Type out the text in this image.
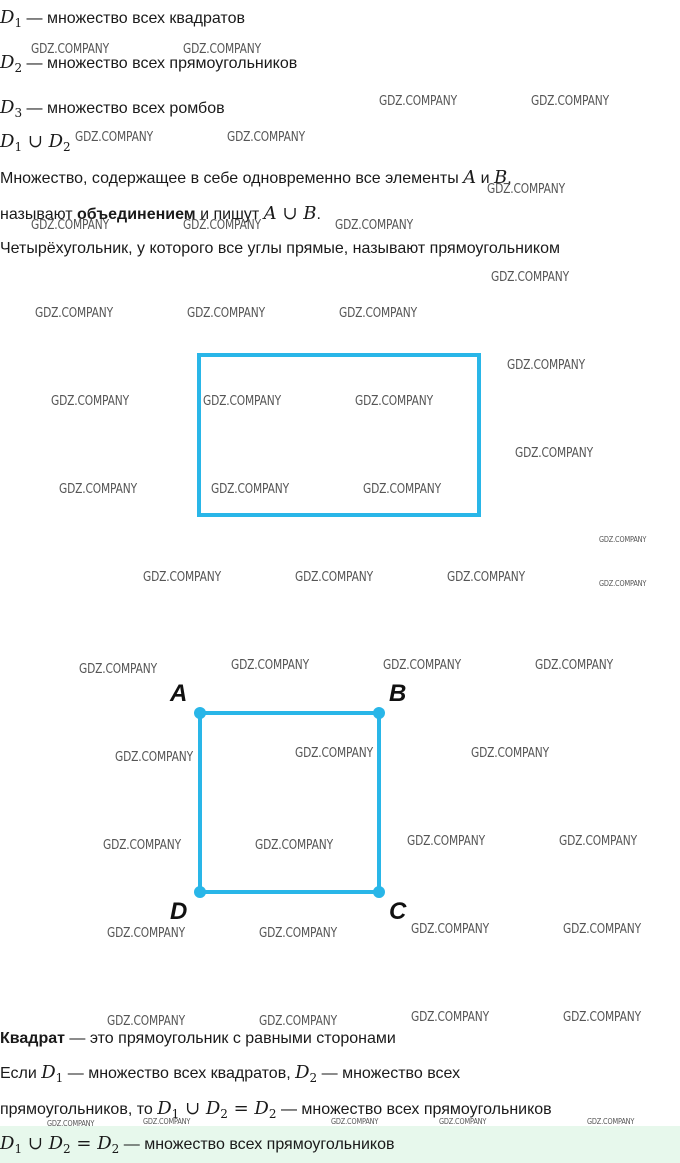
$D_1$ — множество всех квадратов
$D_2$ — множество всех прямоугольников
$D_3$ — множество всех ромбов
$D_1$ ∪ $D_2$
Множество, содержащее в себе одновременно все элементы A и B,
называют объединением и пишут A ∪ B.
Четырёхугольник, у которого все углы прямые, называют прямоугольником
A	B
C
D
Квадрат — это прямоугольник с равными сторонами
Если $D_1$ — множество всех квадратов, $D_2$ — множество всех
прямоугольников, то $D_1$ ∪ $D_2 = D_2$ — множество всех прямоугольников
$D_1$ ∪ $D_2 = D_2$ — множество всех прямоугольников
GDZ.COMPANY	GDZ.COMPANY
GDZ.COMPANY	GDZ.COMPANY
GDZ.COMPANY	GDZ.COMPANY
GDZ.COMPANY
GDZ.COMPANY	GDZ.COMPANY	GDZ.COMPANY
GDZ.COMPANY
GDZ.COMPANY	GDZ.COMPANY	GDZ.COMPANY
GDZ.COMPANY
GDZ.COMPANY	GDZ.COMPANY	GDZ.COMPANY
GDZ.COMPANY
GDZ.COMPANY	GDZ.COMPANY	GDZ.COMPANY
GDZ.COMPANY
GDZ.COMPANY
GDZ.COMPANY	GDZ.COMPANY	GDZ.COMPANY
GDZ.COMPANY	GDZ.COMPANY	GDZ.COMPANY	GDZ.COMPANY
GDZ.COMPANY	GDZ.COMPANY	GDZ.COMPANY
GDZ.COMPANY	GDZ.COMPANY	GDZ.COMPANY	GDZ.COMPANY
GDZ.COMPANY	GDZ.COMPANY	GDZ.COMPANY	GDZ.COMPANY
GDZ.COMPANY	GDZ.COMPANY	GDZ.COMPANY	GDZ.COMPANY
GDZ.COMPANY	GDZ.COMPANY	GDZ.COMPANY	GDZ.COMPANY	GDZ.COMPANY
